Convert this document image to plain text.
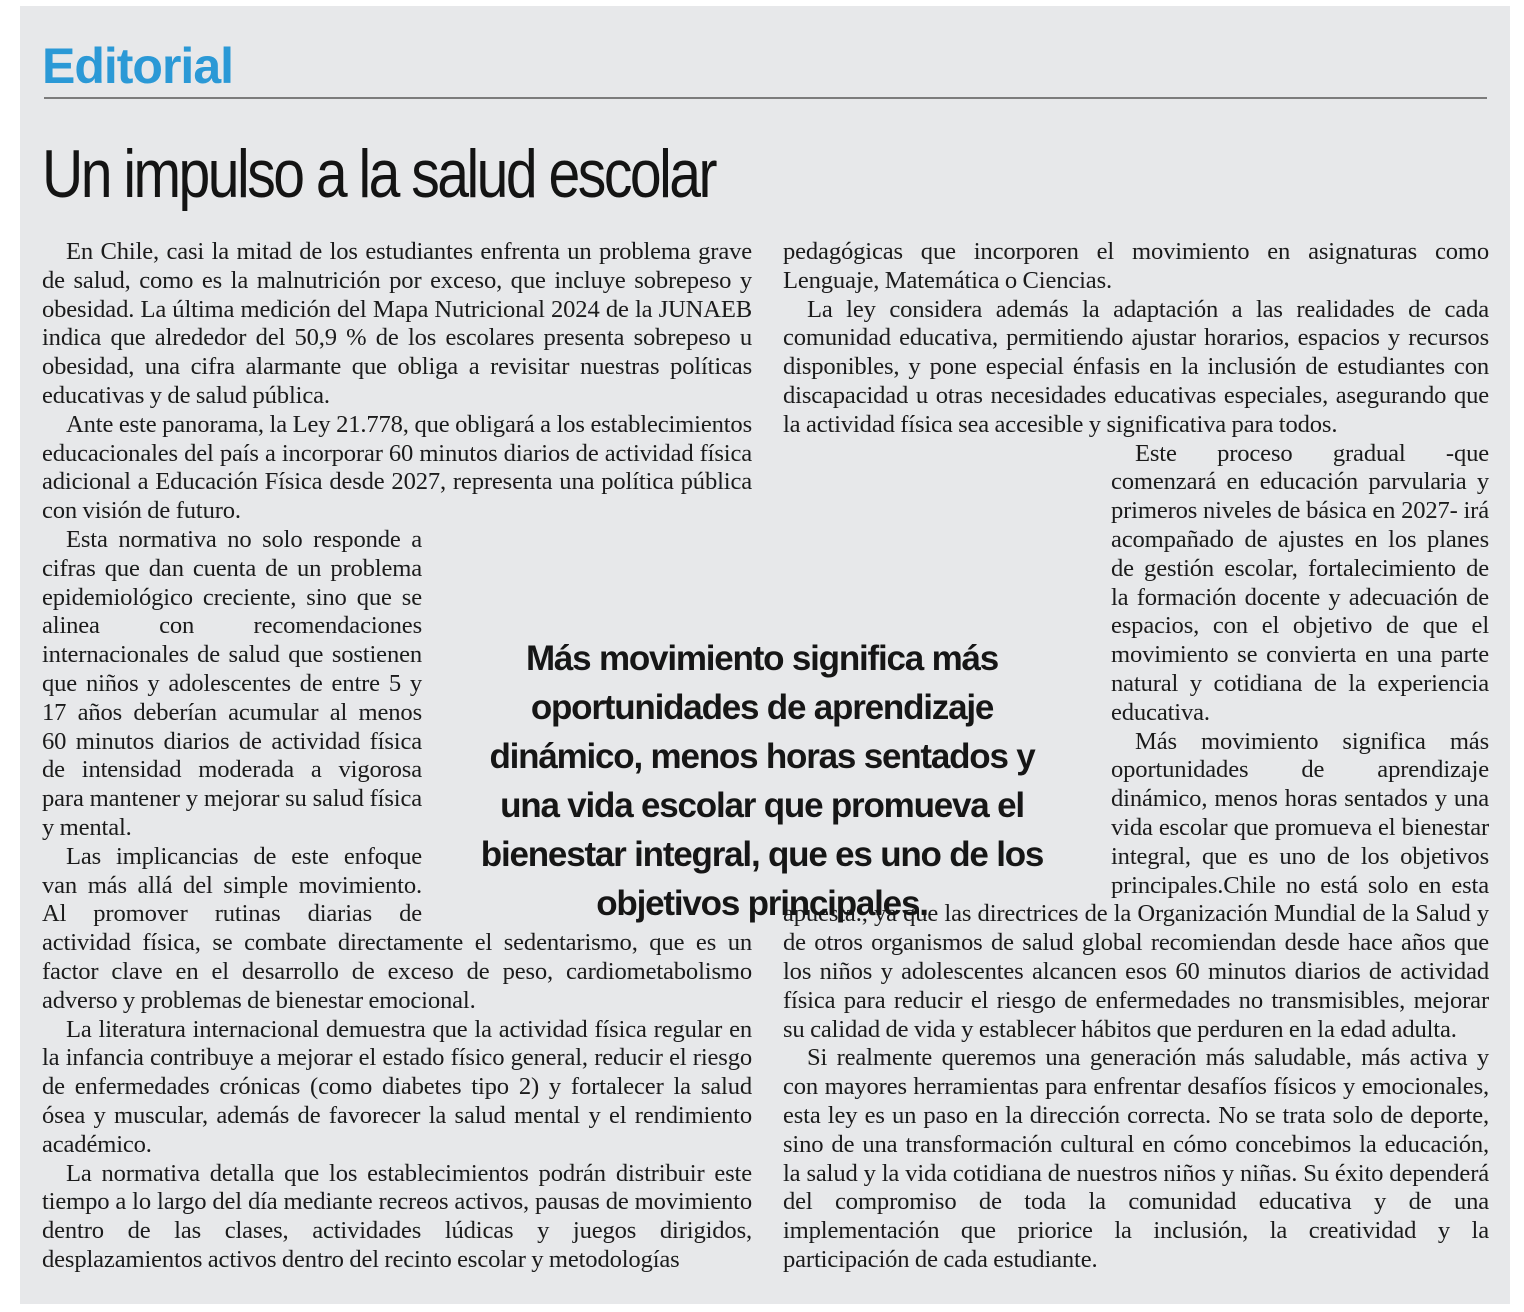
Editorial
Un impulso a la salud escolar

En Chile, casi la mitad de los estudiantes enfrenta un problema grave de salud, como es la malnutrición por exceso, que incluye sobrepeso y obesidad. La última medición del Mapa Nutricional 2024 de la JUNAEB indica que alrededor del 50,9 % de los escolares presenta sobrepeso u obesidad, una cifra alarmante que obliga a revisitar nuestras políticas educativas y de salud pública.

Ante este panorama, la Ley 21.778, que obligará a los establecimientos educacionales del país a incorporar 60 minutos diarios de actividad física adicional a Educación Física desde 2027, representa una política pública con visión de futuro.

Esta normativa no solo responde a cifras que dan cuenta de un problema epidemiológico creciente, sino que se alinea con recomendaciones internacionales de salud que sostienen que niños y adolescentes de entre 5 y 17 años deberían acumular al menos 60 minutos diarios de actividad física de intensidad moderada a vigorosa para mantener y mejorar su salud física y mental.

Las implicancias de este enfoque van más allá del simple movimiento. Al promover rutinas diarias de actividad física, se combate directamente el sedentarismo, que es un factor clave en el desarrollo de exceso de peso, cardiometabolismo adverso y problemas de bienestar emocional.

La literatura internacional demuestra que la actividad física regular en la infancia contribuye a mejorar el estado físico general, reducir el riesgo de enfermedades crónicas (como diabetes tipo 2) y fortalecer la salud ósea y muscular, además de favorecer la salud mental y el rendimiento académico.

La normativa detalla que los establecimientos podrán distribuir este tiempo a lo largo del día mediante recreos activos, pausas de movimiento dentro de las clases, actividades lúdicas y juegos dirigidos, desplazamientos activos dentro del recinto escolar y metodologías

pedagógicas que incorporen el movimiento en asignaturas como Lenguaje, Matemática o Ciencias.

La ley considera además la adaptación a las realidades de cada comunidad educativa, permitiendo ajustar horarios, espacios y recursos disponibles, y pone especial énfasis en la inclusión de estudiantes con discapacidad u otras necesidades educativas especiales, asegurando que la actividad física sea accesible y significativa para todos.

Este proceso gradual -que comenzará en educación parvularia y primeros niveles de básica en 2027- irá acompañado de ajustes en los planes de gestión escolar, fortalecimiento de la formación docente y adecuación de espacios, con el objetivo de que el movimiento se convierta en una parte natural y cotidiana de la experiencia educativa.

Más movimiento significa más oportunidades de aprendizaje dinámico, menos horas sentados y una vida escolar que promueva el bienestar integral, que es uno de los objetivos principales.Chile no está solo en esta apuesta., ya que las directrices de la Organización Mundial de la Salud y de otros organismos de salud global recomiendan desde hace años que los niños y adolescentes alcancen esos 60 minutos diarios de actividad física para reducir el riesgo de enfermedades no transmisibles, mejorar su calidad de vida y establecer hábitos que perduren en la edad adulta.

Si realmente queremos una generación más saludable, más activa y con mayores herramientas para enfrentar desafíos físicos y emocionales, esta ley es un paso en la dirección correcta. No se trata solo de deporte, sino de una transformación cultural en cómo concebimos la educación, la salud y la vida cotidiana de nuestros niños y niñas. Su éxito dependerá del compromiso de toda la comunidad educativa y de una implementación que priorice la inclusión, la creatividad y la participación de cada estudiante.

Más movimiento significa más oportunidades de aprendizaje dinámico, menos horas sentados y una vida escolar que promueva el bienestar integral, que es uno de los objetivos principales.
